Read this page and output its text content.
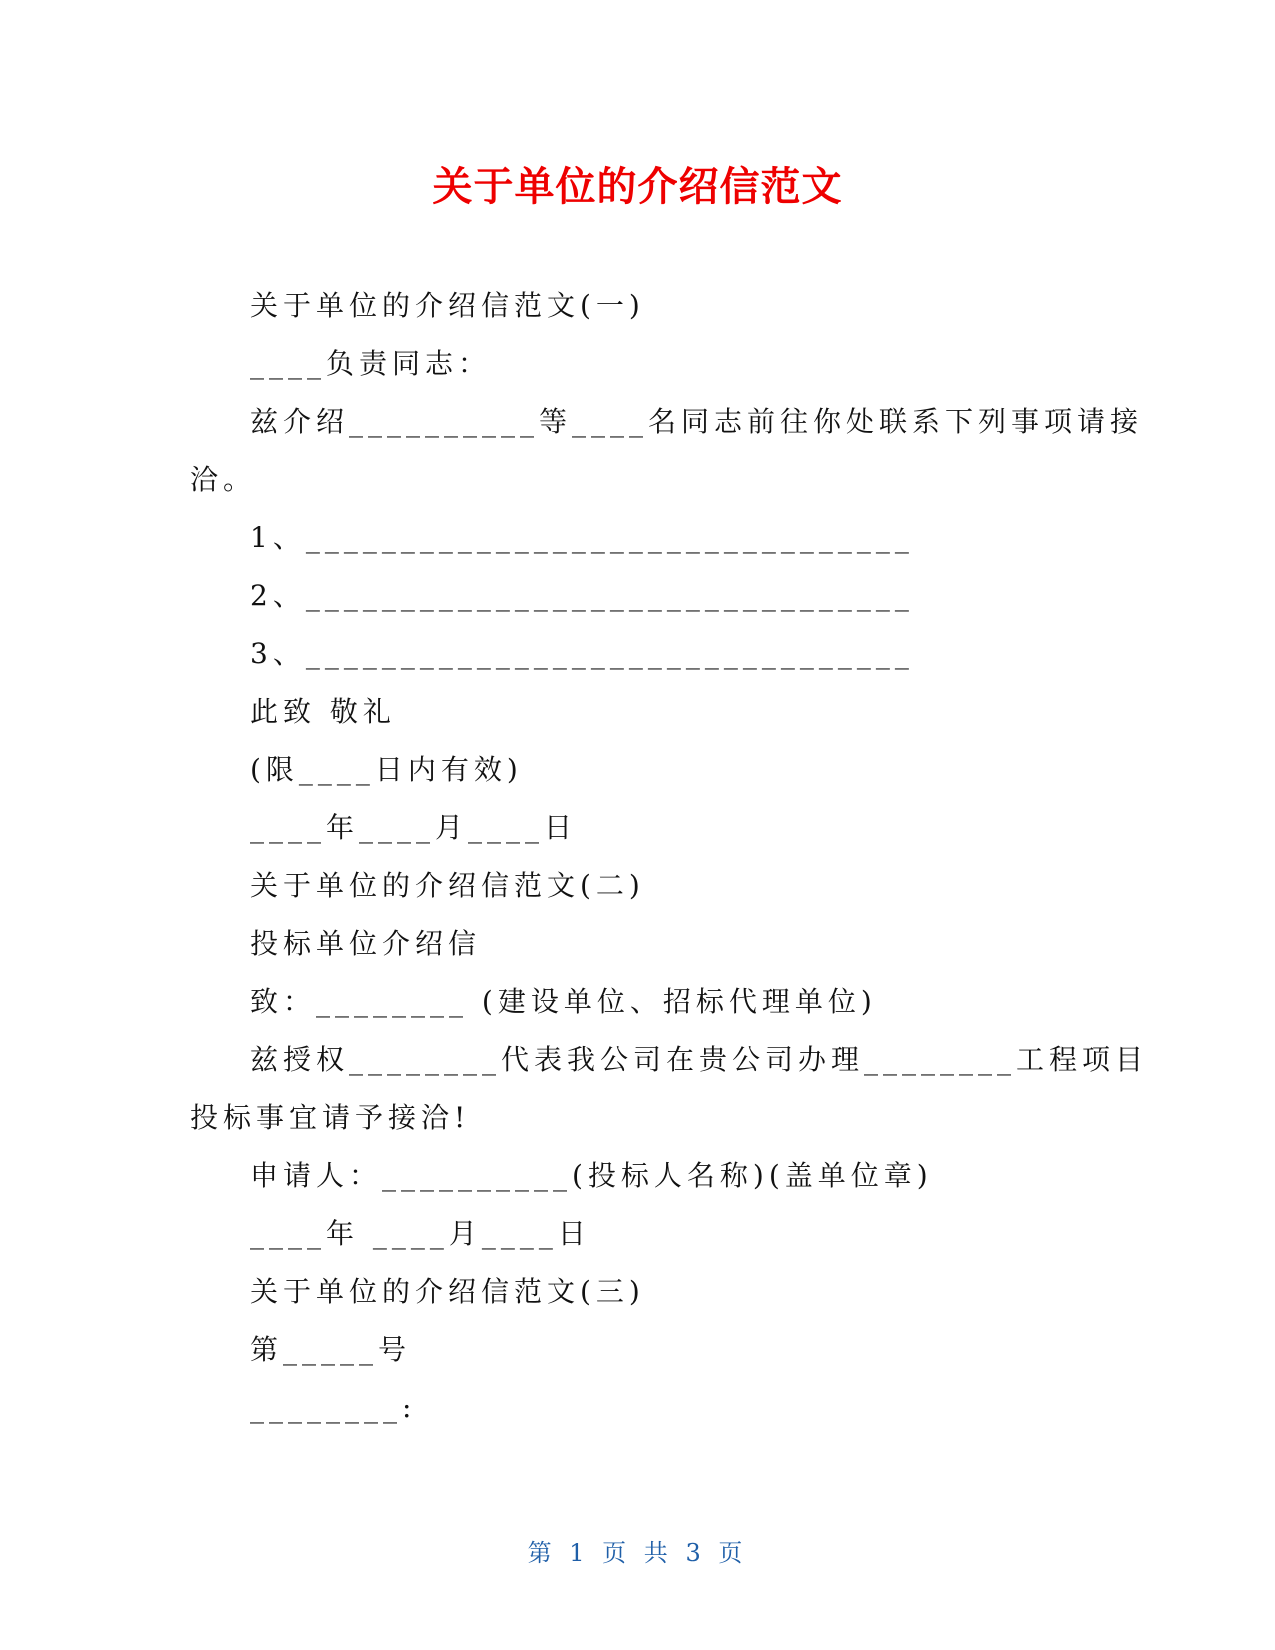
关于单位的介绍信范文
关于单位的介绍信范文(一)
____负责同志：
兹介绍__________等____名同志前往你处联系下列事项请接
洽。
1、________________________________
2、________________________________
3、________________________________
此致 敬礼
(限____日内有效)
____年____月____日
关于单位的介绍信范文(二)
投标单位介绍信
致：________ (建设单位、招标代理单位)
兹授权________代表我公司在贵公司办理________工程项目
投标事宜请予接洽!
申请人：__________(投标人名称)(盖单位章)
____年 ____月____日
关于单位的介绍信范文(三)
第_____号
________:
第 1 页 共 3 页
